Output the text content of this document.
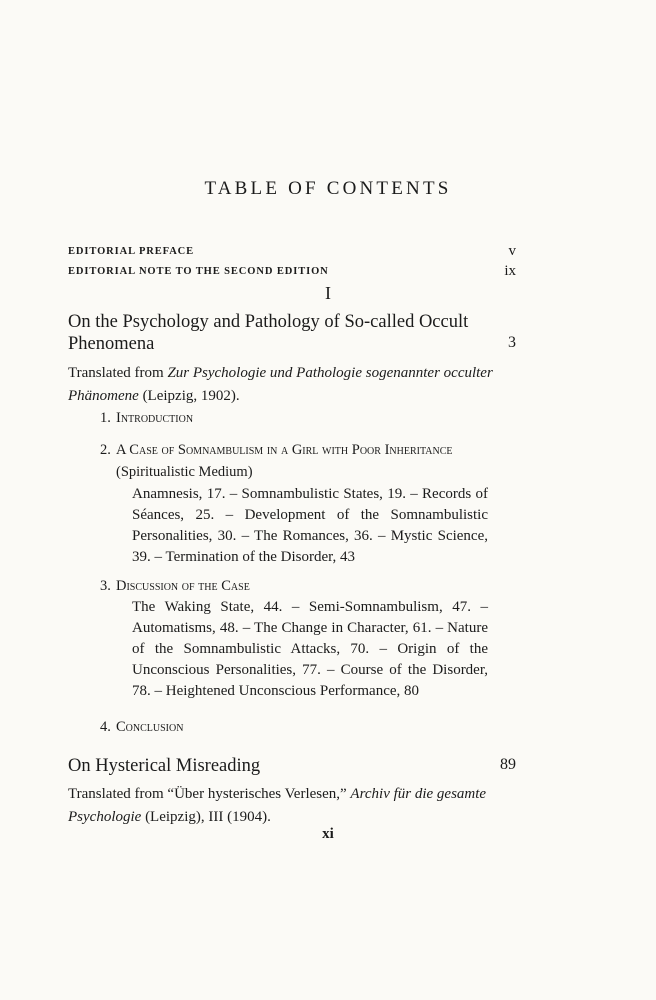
TABLE OF CONTENTS
EDITORIAL PREFACE	v
EDITORIAL NOTE TO THE SECOND EDITION	ix
I
On the Psychology and Pathology of So-called Occult
Phenomena	3
Translated from Zur Psychologie und Pathologie sogenannter occulter Phänomene (Leipzig, 1902).
1. Introduction
2. A Case of Somnambulism in a Girl with Poor Inheritance (Spiritualistic Medium)
Anamnesis, 17. – Somnambulistic States, 19. – Records of Séances, 25. – Development of the Somnambulistic Personalities, 30. – The Romances, 36. – Mystic Science, 39. – Termination of the Disorder, 43
3. Discussion of the Case
The Waking State, 44. – Semi-Somnambulism, 47. – Automatisms, 48. – The Change in Character, 61. – Nature of the Somnambulistic Attacks, 70. – Origin of the Unconscious Personalities, 77. – Course of the Disorder, 78. – Heightened Unconscious Performance, 80
4. Conclusion
On Hysterical Misreading	89
Translated from “Über hysterisches Verlesen,” Archiv für die gesamte Psychologie (Leipzig), III (1904).
xi
